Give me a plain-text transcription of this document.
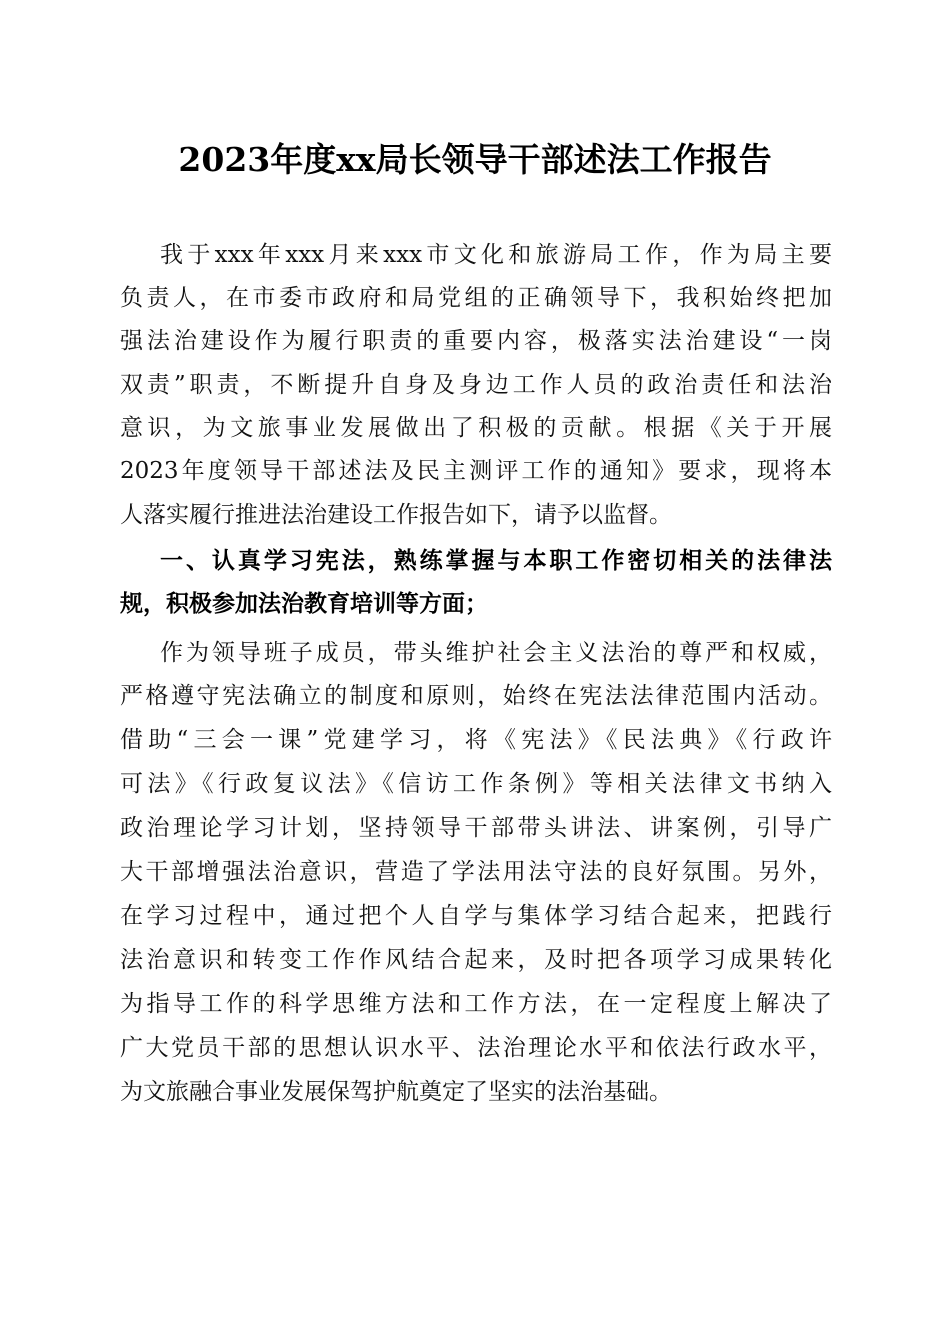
2023年度xx局长领导干部述法工作报告
我于xxx年xxx月来xxx市文化和旅游局工作，作为局主要
负责人，在市委市政府和局党组的正确领导下，我积始终把加
强法治建设作为履行职责的重要内容，极落实法治建设“一岗
双责”职责，不断提升自身及身边工作人员的政治责任和法治
意识，为文旅事业发展做出了积极的贡献。根据《关于开展
2023年度领导干部述法及民主测评工作的通知》要求，现将本
人落实履行推进法治建设工作报告如下，请予以监督。
一、认真学习宪法，熟练掌握与本职工作密切相关的法律法
规，积极参加法治教育培训等方面；
作为领导班子成员，带头维护社会主义法治的尊严和权威，
严格遵守宪法确立的制度和原则，始终在宪法法律范围内活动。
借助“三会一课”党建学习，将《宪法》《民法典》《行政许
可法》《行政复议法》《信访工作条例》等相关法律文书纳入
政治理论学习计划，坚持领导干部带头讲法、讲案例，引导广
大干部增强法治意识，营造了学法用法守法的良好氛围。另外，
在学习过程中，通过把个人自学与集体学习结合起来，把践行
法治意识和转变工作作风结合起来，及时把各项学习成果转化
为指导工作的科学思维方法和工作方法，在一定程度上解决了
广大党员干部的思想认识水平、法治理论水平和依法行政水平，
为文旅融合事业发展保驾护航奠定了坚实的法治基础。
